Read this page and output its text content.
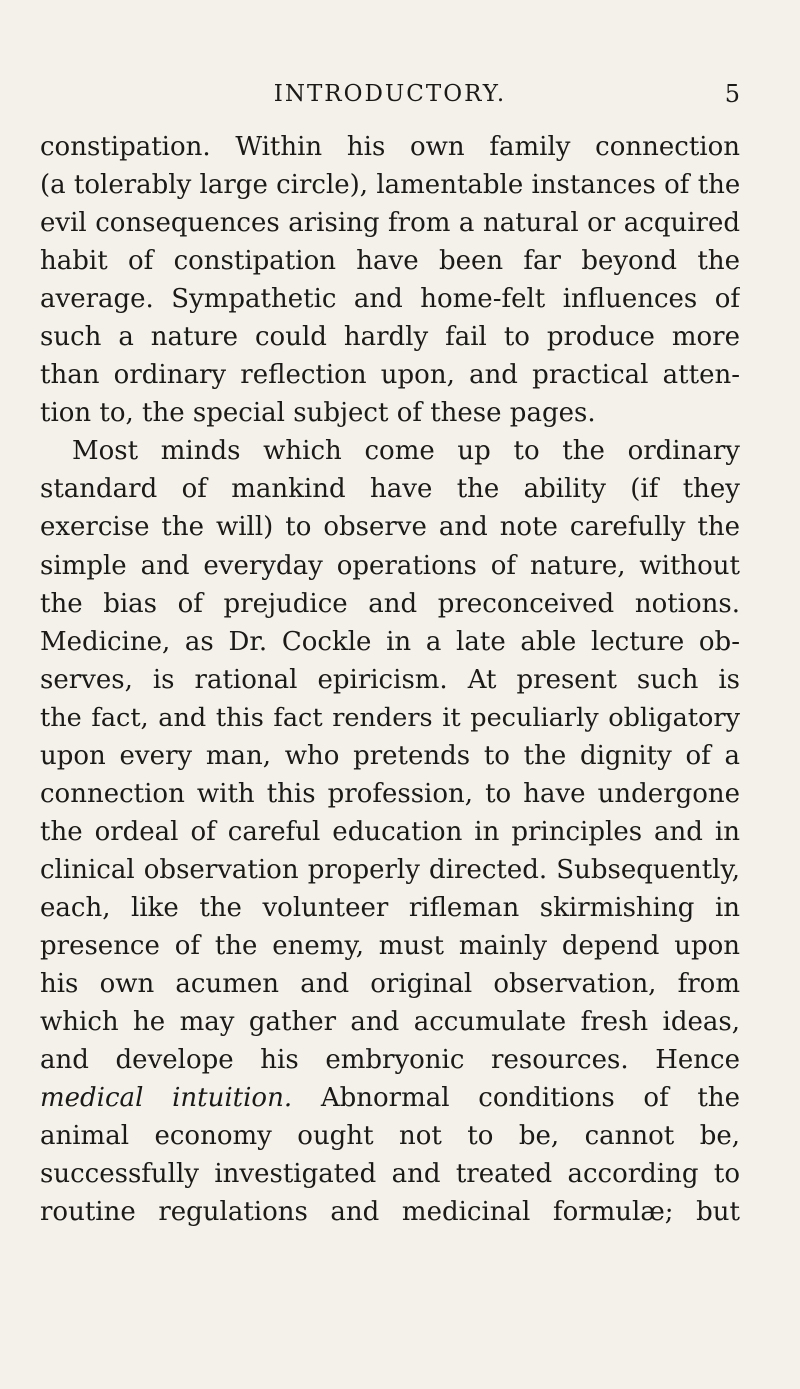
INTRODUCTORY.	5
constipation. Within his own family connection
(a tolerably large circle), lamentable instances of the
evil consequences arising from a natural or acquired
habit of constipation have been far beyond the
average. Sympathetic and home-felt influences of
such a nature could hardly fail to produce more
than ordinary reflection upon, and practical atten-
tion to, the special subject of these pages.
Most minds which come up to the ordinary
standard of mankind have the ability (if they
exercise the will) to observe and note carefully the
simple and everyday operations of nature, without
the bias of prejudice and preconceived notions.
Medicine, as Dr. Cockle in a late able lecture ob-
serves, is rational epiricism. At present such is
the fact, and this fact renders it peculiarly obligatory
upon every man, who pretends to the dignity of a
connection with this profession, to have undergone
the ordeal of careful education in principles and in
clinical observation properly directed. Subsequently,
each, like the volunteer rifleman skirmishing in
presence of the enemy, must mainly depend upon
his own acumen and original observation, from
which he may gather and accumulate fresh ideas,
and develope his embryonic resources. Hence
medical intuition. Abnormal conditions of the
animal economy ought not to be, cannot be,
successfully investigated and treated according to
routine regulations and medicinal formulæ; but
